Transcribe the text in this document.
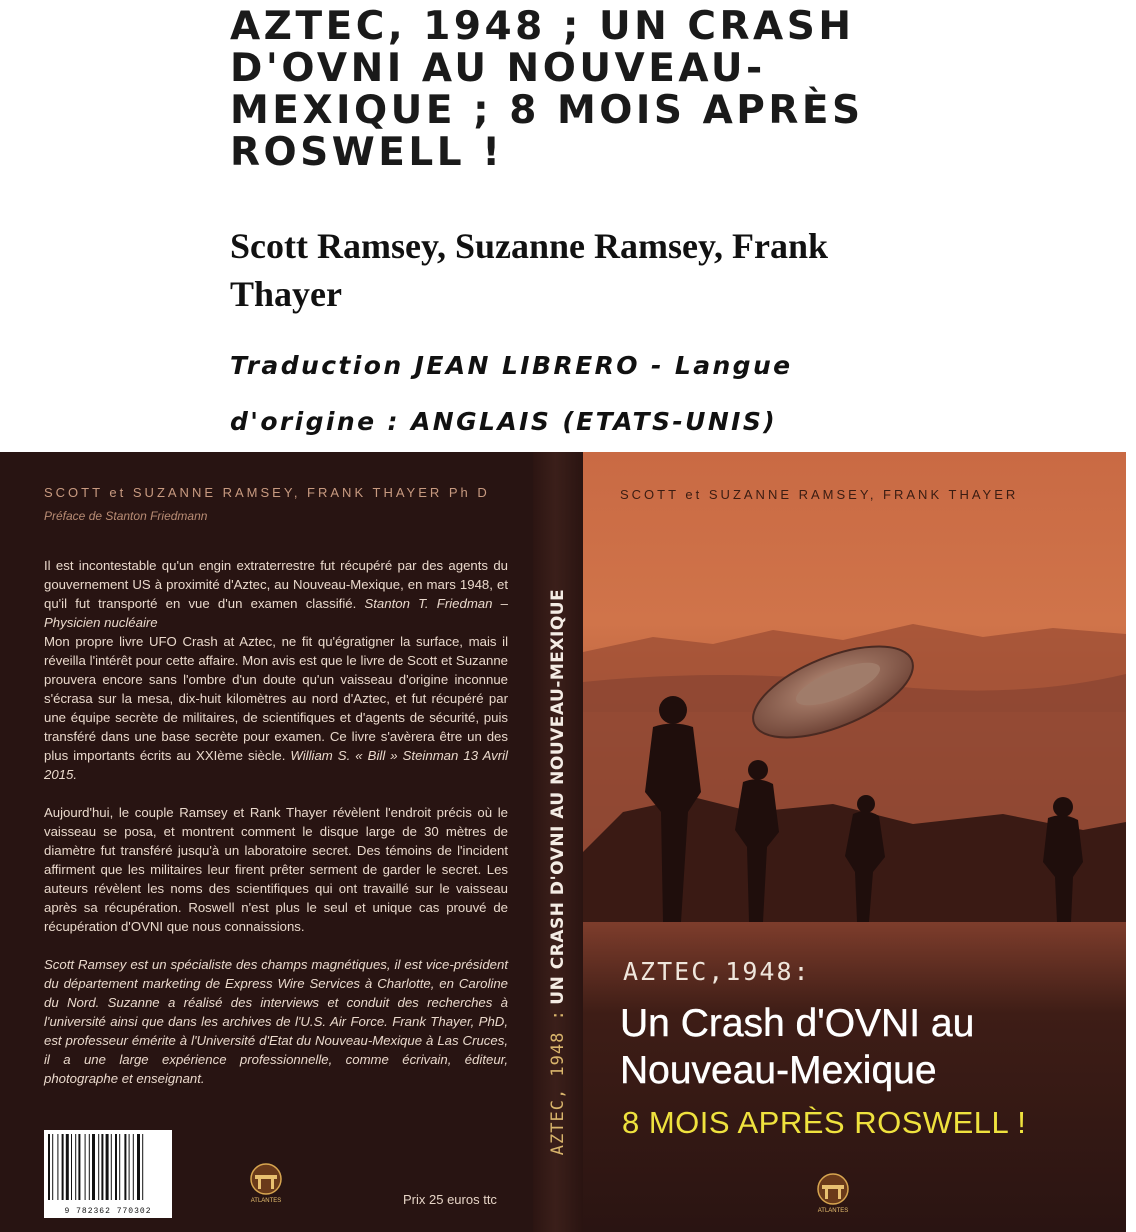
AZTEC, 1948 ; UN CRASH D'OVNI AU NOUVEAU-MEXIQUE ; 8 MOIS APRÈS ROSWELL !
Scott Ramsey, Suzanne Ramsey, Frank Thayer
Traduction JEAN LIBRERO - Langue d'origine : ANGLAIS (ETATS-UNIS)
SCOTT et SUZANNE RAMSEY, FRANK THAYER Ph D
Préface de Stanton Friedmann

Il est incontestable qu'un engin extraterrestre fut récupéré par des agents du gouvernement US à proximité d'Aztec, au Nouveau-Mexique, en mars 1948, et qu'il fut transporté en vue d'un examen classifié. Stanton T. Friedman – Physicien nucléaire

Mon propre livre UFO Crash at Aztec, ne fit qu'égratigner la surface, mais il réveilla l'intérêt pour cette affaire. Mon avis est que le livre de Scott et Suzanne prouvera encore sans l'ombre d'un doute qu'un vaisseau d'origine inconnue s'écrasa sur la mesa, dix-huit kilomètres au nord d'Aztec, et fut récupéré par une équipe secrète de militaires, de scientifiques et d'agents de sécurité, puis transféré dans une base secrète pour examen. Ce livre s'avèrera être un des plus importants écrits au XXIème siècle. William S. « Bill » Steinman 13 Avril 2015.

Aujourd'hui, le couple Ramsey et Rank Thayer révèlent l'endroit précis où le vaisseau se posa, et montrent comment le disque large de 30 mètres de diamètre fut transféré jusqu'à un laboratoire secret. Des témoins de l'incident affirment que les militaires leur firent prêter serment de garder le secret. Les auteurs révèlent les noms des scientifiques qui ont travaillé sur le vaisseau après sa récupération. Roswell n'est plus le seul et unique cas prouvé de récupération d'OVNI que nous connaissions.

Scott Ramsey est un spécialiste des champs magnétiques, il est vice-président du département marketing de Express Wire Services à Charlotte, en Caroline du Nord. Suzanne a réalisé des interviews et conduit des recherches à l'université ainsi que dans les archives de l'U.S. Air Force. Frank Thayer, PhD, est professeur émérite à l'Université d'Etat du Nouveau-Mexique à Las Cruces, il a une large expérience professionnelle, comme écrivain, éditeur, photographe et enseignant.

9 782362 770302
ATLANTES	Prix 25 euros ttc
AZTEC, 1948 : UN CRASH D'OVNI AU NOUVEAU-MEXIQUE
SCOTT et SUZANNE RAMSEY, FRANK THAYER
AZTEC,1948:
Un Crash d'OVNI au Nouveau-Mexique
8 MOIS APRÈS ROSWELL !
ATLANTES
